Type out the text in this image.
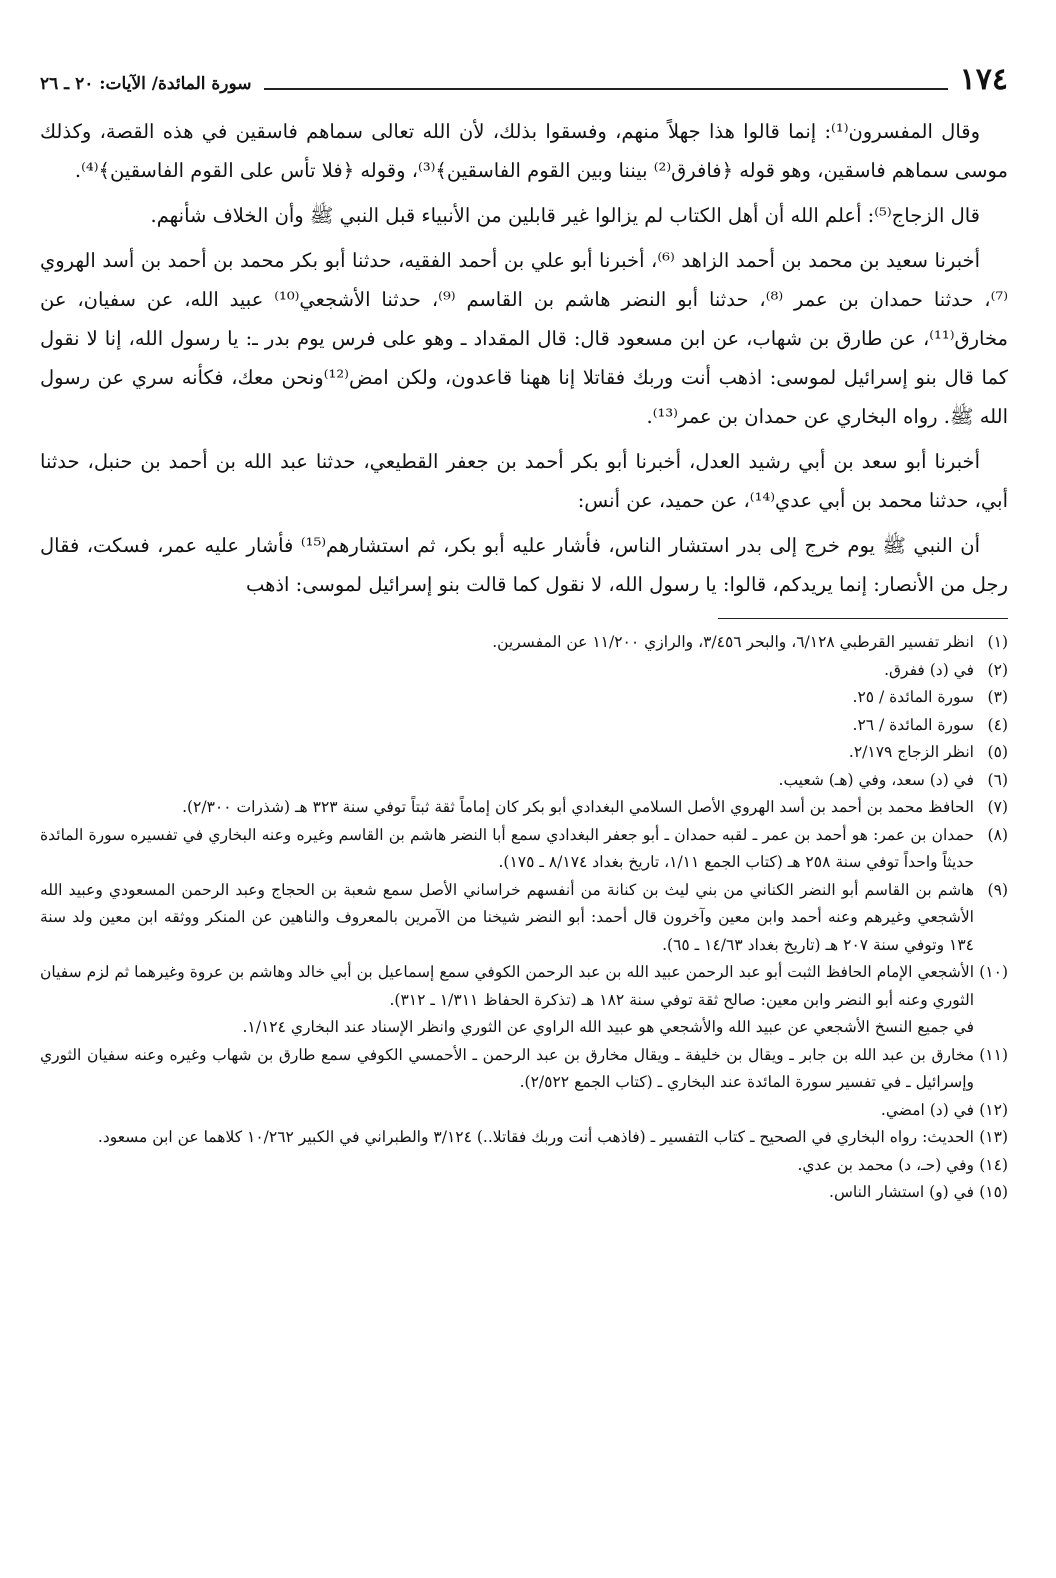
١٧٤
سورة المائدة/ الآيات: ٢٠ ـ ٢٦

وقال المفسرون⁽¹⁾: إنما قالوا هذا جهلاً منهم، وفسقوا بذلك، لأن الله تعالى سماهم فاسقين في هذه القصة، وكذلك موسى سماهم فاسقين، وهو قوله ﴿فافرق⁽²⁾ بيننا وبين القوم الفاسقين﴾⁽³⁾، وقوله ﴿فلا تأس على القوم الفاسقين﴾⁽⁴⁾.

قال الزجاج⁽⁵⁾: أعلم الله أن أهل الكتاب لم يزالوا غير قابلين من الأنبياء قبل النبي ﷺ وأن الخلاف شأنهم.

أخبرنا سعيد بن محمد بن أحمد الزاهد ⁽⁶⁾، أخبرنا أبو علي بن أحمد الفقيه، حدثنا أبو بكر محمد بن أحمد بن أسد الهروي ⁽⁷⁾، حدثنا حمدان بن عمر ⁽⁸⁾، حدثنا أبو النضر هاشم بن القاسم ⁽⁹⁾، حدثنا الأشجعي⁽¹⁰⁾ عبيد الله، عن سفيان، عن مخارق⁽¹¹⁾، عن طارق بن شهاب، عن ابن مسعود قال: قال المقداد ـ وهو على فرس يوم بدر ـ: يا رسول الله، إنا لا نقول كما قال بنو إسرائيل لموسى: اذهب أنت وربك فقاتلا إنا ههنا قاعدون، ولكن امض⁽¹²⁾ونحن معك، فكأنه سري عن رسول الله ﷺ. رواه البخاري عن حمدان بن عمر⁽¹³⁾.

أخبرنا أبو سعد بن أبي رشيد العدل، أخبرنا أبو بكر أحمد بن جعفر القطيعي، حدثنا عبد الله بن أحمد بن حنبل، حدثنا أبي، حدثنا محمد بن أبي عدي⁽¹⁴⁾، عن حميد، عن أنس:

أن النبي ﷺ يوم خرج إلى بدر استشار الناس، فأشار عليه أبو بكر، ثم استشارهم⁽¹⁵⁾ فأشار عليه عمر، فسكت، فقال رجل من الأنصار: إنما يريدكم، قالوا: يا رسول الله، لا نقول كما قالت بنو إسرائيل لموسى: اذهب

(١)
انظر تفسير القرطبي ٦/١٢٨، والبحر ٣/٤٥٦، والرازي ١١/٢٠٠ عن المفسرين.
(٢)
في (د) ففرق.
(٣)
سورة المائدة / ٢٥.
(٤)
سورة المائدة / ٢٦.
(٥)
انظر الزجاج ٢/١٧٩.
(٦)
في (د) سعد، وفي (هـ) شعيب.
(٧)
الحافظ محمد بن أحمد بن أسد الهروي الأصل السلامي البغدادي أبو بكر كان إماماً ثقة ثبتاً توفي سنة ٣٢٣ هـ (شذرات ٢/٣٠٠).
(٨)
حمدان بن عمر: هو أحمد بن عمر ـ لقبه حمدان ـ أبو جعفر البغدادي سمع أبا النضر هاشم بن القاسم وغيره وعنه البخاري في تفسيره سورة المائدة حديثاً واحداً توفي سنة ٢٥٨ هـ (كتاب الجمع ١/١١، تاريخ بغداد ٨/١٧٤ ـ ١٧٥).
(٩)
هاشم بن القاسم أبو النضر الكناني من بني ليث بن كنانة من أنفسهم خراساني الأصل سمع شعبة بن الحجاج وعبد الرحمن المسعودي وعبيد الله الأشجعي وغيرهم وعنه أحمد وابن معين وآخرون قال أحمد: أبو النضر شيخنا من الآمرين بالمعروف والناهين عن المنكر ووثقه ابن معين ولد سنة ١٣٤ وتوفي سنة ٢٠٧ هـ (تاريخ بغداد ١٤/٦٣ ـ ٦٥).
(١٠)
الأشجعي الإمام الحافظ الثبت أبو عبد الرحمن عبيد الله بن عبد الرحمن الكوفي سمع إسماعيل بن أبي خالد وهاشم بن عروة وغيرهما ثم لزم سفيان الثوري وعنه أبو النضر وابن معين: صالح ثقة توفي سنة ١٨٢ هـ (تذكرة الحفاظ ١/٣١١ ـ ٣١٢).
في جميع النسخ الأشجعي عن عبيد الله والأشجعي هو عبيد الله الراوي عن الثوري وانظر الإسناد عند البخاري ١/١٢٤.
(١١)
مخارق بن عبد الله بن جابر ـ ويقال بن خليفة ـ ويقال مخارق بن عبد الرحمن ـ الأحمسي الكوفي سمع طارق بن شهاب وغيره وعنه سفيان الثوري وإسرائيل ـ في تفسير سورة المائدة عند البخاري ـ (كتاب الجمع ٢/٥٢٢).
(١٢)
في (د) امضي.
(١٣)
الحديث: رواه البخاري في الصحيح ـ كتاب التفسير ـ (فاذهب أنت وربك فقاتلا..) ٣/١٢٤ والطبراني في الكبير ١٠/٢٦٢ كلاهما عن ابن مسعود.
(١٤)
وفي (حـ، د) محمد بن عدي.
(١٥)
في (و) استشار الناس.
